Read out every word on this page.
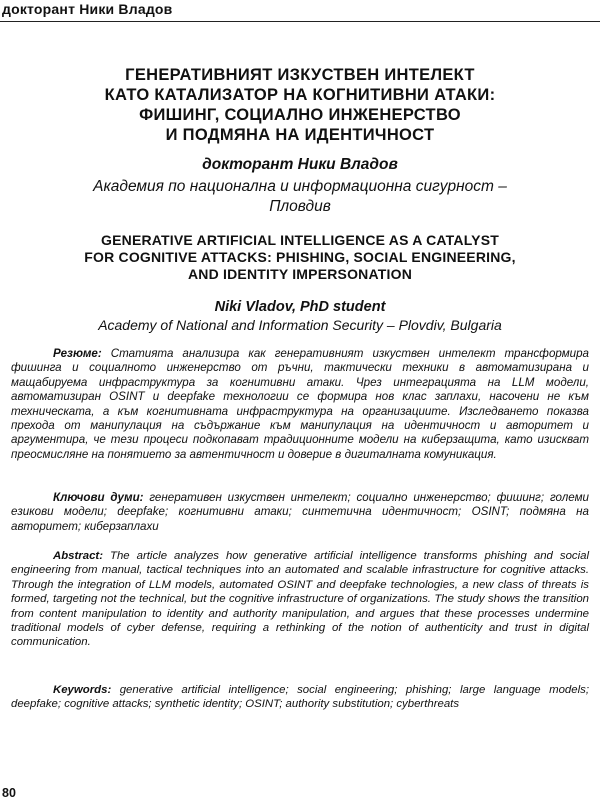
докторант Ники Владов
ГЕНЕРАТИВНИЯТ ИЗКУСТВЕН ИНТЕЛЕКТ
КАТО КАТАЛИЗАТОР НА КОГНИТИВНИ АТАКИ:
ФИШИНГ, СОЦИАЛНО ИНЖЕНЕРСТВО
И ПОДМЯНА НА ИДЕНТИЧНОСТ
докторант Ники Владов
Академия по национална и информационна сигурност –
Пловдив
GENERATIVE ARTIFICIAL INTELLIGENCE AS A CATALYST
FOR COGNITIVE ATTACKS: PHISHING, SOCIAL ENGINEERING,
AND IDENTITY IMPERSONATION
Niki Vladov, PhD student
Academy of National and Information Security – Plovdiv, Bulgaria

Резюме: Статията анализира как генеративният изкуствен интелект трансформира фишинга и социалното инженерство от ръчни, тактически техники в автоматизирана и мащабируема инфраструктура за когнитивни атаки. Чрез интеграцията на LLM модели, автоматизиран OSINT и deepfake технологии се формира нов клас заплахи, насочени не към техническата, а към когнитивната инфраструктура на организациите. Изследването показва прехода от манипулация на съдържание към манипулация на идентичност и авторитет и аргументира, че тези процеси подкопават традиционните модели на киберзащита, като изискват преосмисляне на понятието за автентичност и доверие в дигиталната комуникация.

Ключови думи: генеративен изкуствен интелект; социално инженерство; фишинг; големи езикови модели; deepfake; когнитивни атаки; синтетична идентичност; OSINT; подмяна на авторитет; киберзаплахи

Abstract: The article analyzes how generative artificial intelligence transforms phishing and social engineering from manual, tactical techniques into an automated and scalable infrastructure for cognitive attacks. Through the integration of LLM models, automated OSINT and deepfake technologies, a new class of threats is formed, targeting not the technical, but the cognitive infrastructure of organizations. The study shows the transition from content manipulation to identity and authority manipulation, and argues that these processes undermine traditional models of cyber defense, requiring a rethinking of the notion of authenticity and trust in digital communication.

Keywords: generative artificial intelligence; social engineering; phishing; large language models; deepfake; cognitive attacks; synthetic identity; OSINT; authority substitution; cyberthreats

80
